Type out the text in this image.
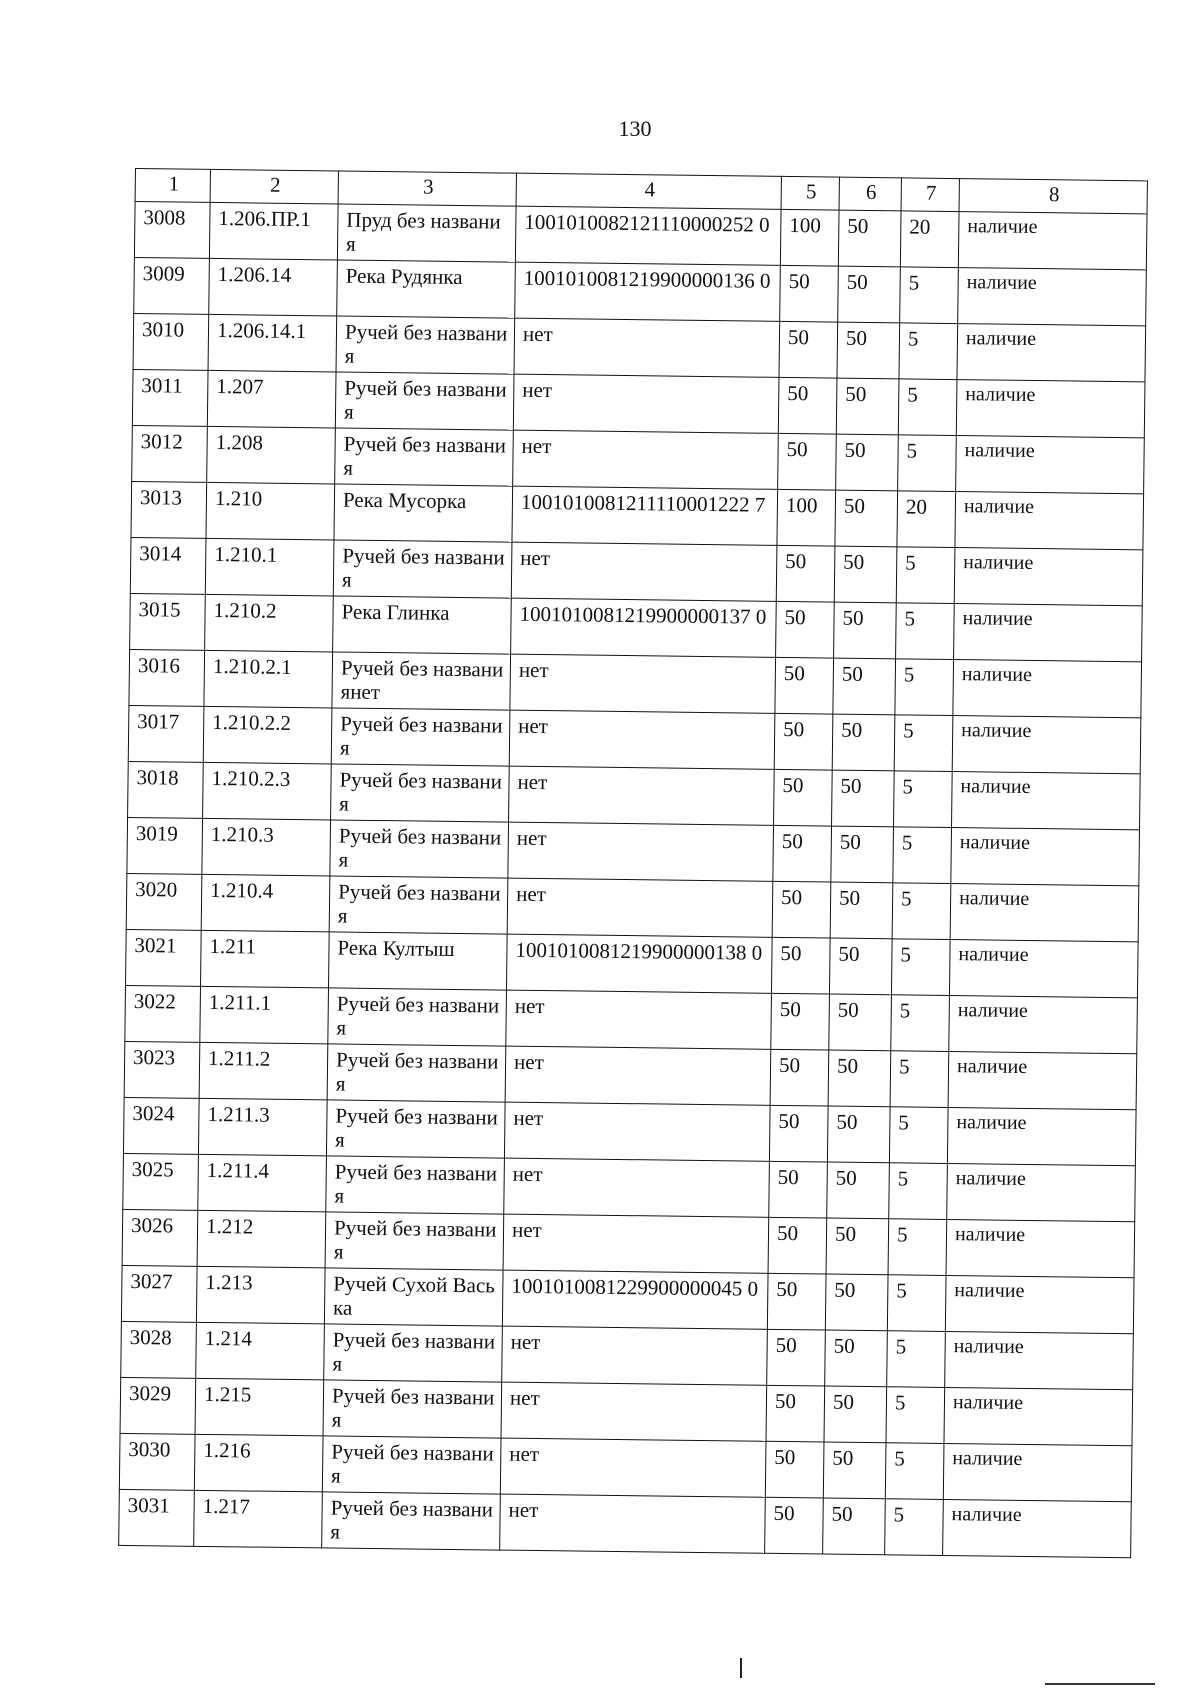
130
1	2	3	4	5	6	7	8
3008	1.206.ПР.1	Пруд без названия	1001010082121110000252 0	100	50	20	наличие
3009	1.206.14	Река Рудянка	1001010081219900000136 0	50	50	5	наличие
3010	1.206.14.1	Ручей без названия	нет	50	50	5	наличие
3011	1.207	Ручей без названия	нет	50	50	5	наличие
3012	1.208	Ручей без названия	нет	50	50	5	наличие
3013	1.210	Река Мусорка	1001010081211110001222 7	100	50	20	наличие
3014	1.210.1	Ручей без названия	нет	50	50	5	наличие
3015	1.210.2	Река Глинка	1001010081219900000137 0	50	50	5	наличие
3016	1.210.2.1	Ручей без названиянет	нет	50	50	5	наличие
3017	1.210.2.2	Ручей без названия	нет	50	50	5	наличие
3018	1.210.2.3	Ручей без названия	нет	50	50	5	наличие
3019	1.210.3	Ручей без названия	нет	50	50	5	наличие
3020	1.210.4	Ручей без названия	нет	50	50	5	наличие
3021	1.211	Река Култыш	1001010081219900000138 0	50	50	5	наличие
3022	1.211.1	Ручей без названия	нет	50	50	5	наличие
3023	1.211.2	Ручей без названия	нет	50	50	5	наличие
3024	1.211.3	Ручей без названия	нет	50	50	5	наличие
3025	1.211.4	Ручей без названия	нет	50	50	5	наличие
3026	1.212	Ручей без названия	нет	50	50	5	наличие
3027	1.213	Ручей Сухой Васька	1001010081229900000045 0	50	50	5	наличие
3028	1.214	Ручей без названия	нет	50	50	5	наличие
3029	1.215	Ручей без названия	нет	50	50	5	наличие
3030	1.216	Ручей без названия	нет	50	50	5	наличие
3031	1.217	Ручей без названия	нет	50	50	5	наличие
